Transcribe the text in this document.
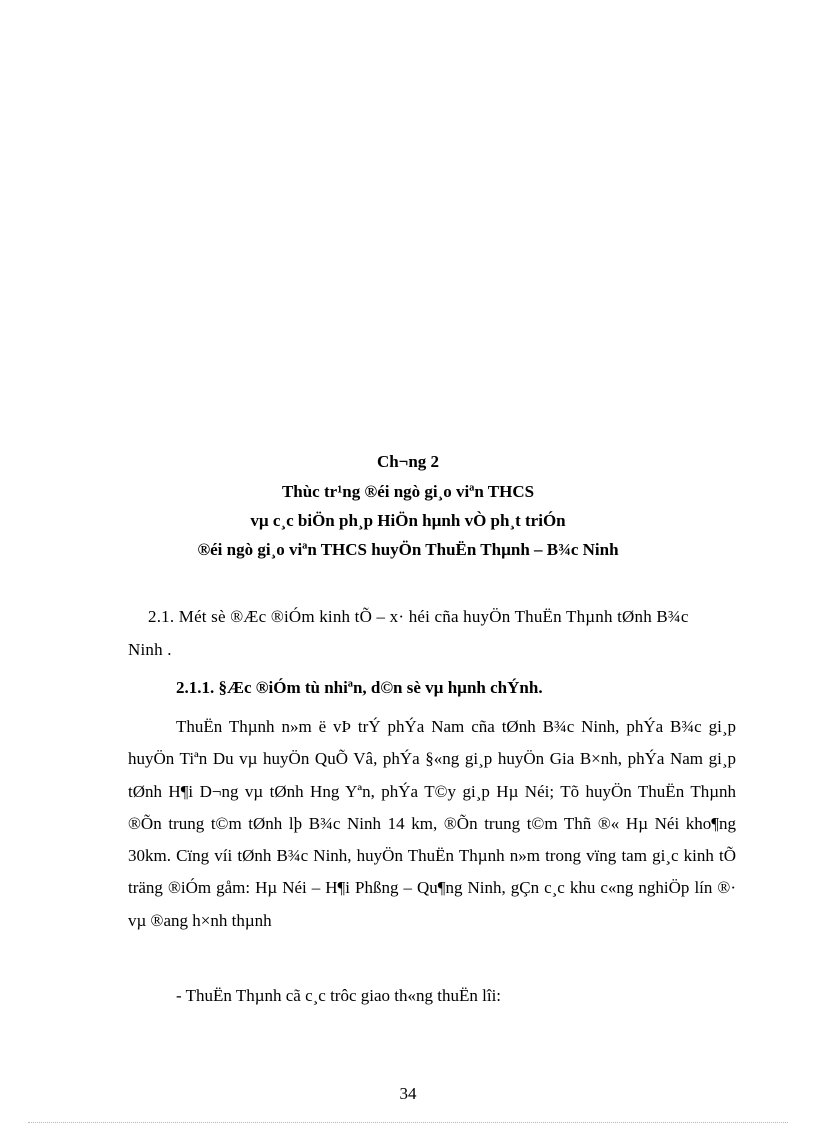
Ch¬ng 2
Thùc tr¹ng ®éi ngò gi¸o viªn THCS
vµ c¸c biÖn ph¸p HiÖn hµnh vÒ ph¸t triÓn
®éi ngò gi¸o viªn THCS huyÖn ThuËn Thµnh – B¾c Ninh
2.1. Mét sè ®Æc ®iÓm kinh tÕ – x· héi cña huyÖn ThuËn Thµnh tØnh B¾c
Ninh .
2.1.1. §Æc ®iÓm tù nhiªn, d©n sè vµ hµnh chÝnh.
ThuËn Thµnh n»m ë vÞ trÝ phÝa Nam cña tØnh B¾c Ninh, phÝa B¾c gi¸p huyÖn Tiªn Du vµ huyÖn QuÕ Vâ, phÝa §«ng gi¸p huyÖn Gia B×nh, phÝa Nam gi¸p tØnh H¶i D¬ng vµ tØnh Hng Yªn, phÝa T©y gi¸p Hµ Néi; Tõ huyÖn ThuËn Thµnh ®Õn trung t©m tØnh lþ B¾c Ninh 14 km, ®Õn trung t©m Thñ ®« Hµ Néi kho¶ng 30km. Cïng víi tØnh B¾c Ninh, huyÖn ThuËn Thµnh n»m trong vïng tam gi¸c kinh tÕ träng ®iÓm gåm: Hµ Néi – H¶i Phßng – Qu¶ng Ninh, gÇn c¸c khu c«ng nghiÖp lín ®· vµ ®ang h×nh thµnh
- ThuËn Thµnh cã c¸c trôc giao th«ng thuËn lîi:
34
